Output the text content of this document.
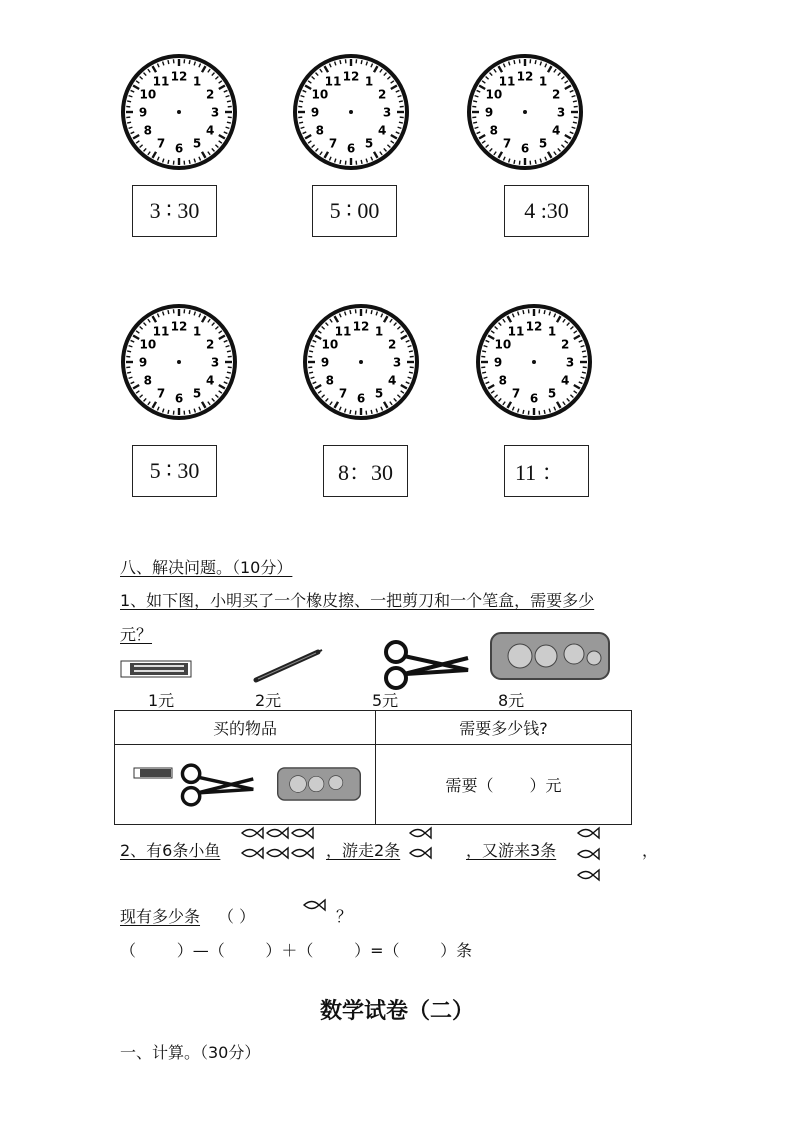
12 1
2
3
4
5
6
7
8
9
10
11	12 1
2
3
4
5
6
7
8
9
10
11	12 1
2
3
4
5
6
7
8
9
10
11
3 ∶ 30	5 ∶ 00	4 :30
12 1
2
3
4
5
6
7
8
9
10
11	12 1
2
3
4
5
6
7
8
9
10
11	12 1
2
3
4
5
6
7
8
9
10
11
5 ∶ 30	8：30	11 ：
八、解决问题。（10分）
1、如下图，小明买了一个橡皮擦、一把剪刀和一个笔盒，需要多少
元？
1元	2元	5元	8元
买的物品	需要多少钱?

	需要（ ）元
2、有6条小鱼	，游走2条	，又游来3条	，
现有多少条 （ ）	？
（        ）—（        ）＋（        ）=（        ）条
数学试卷（二）
一、计算。（30分）
